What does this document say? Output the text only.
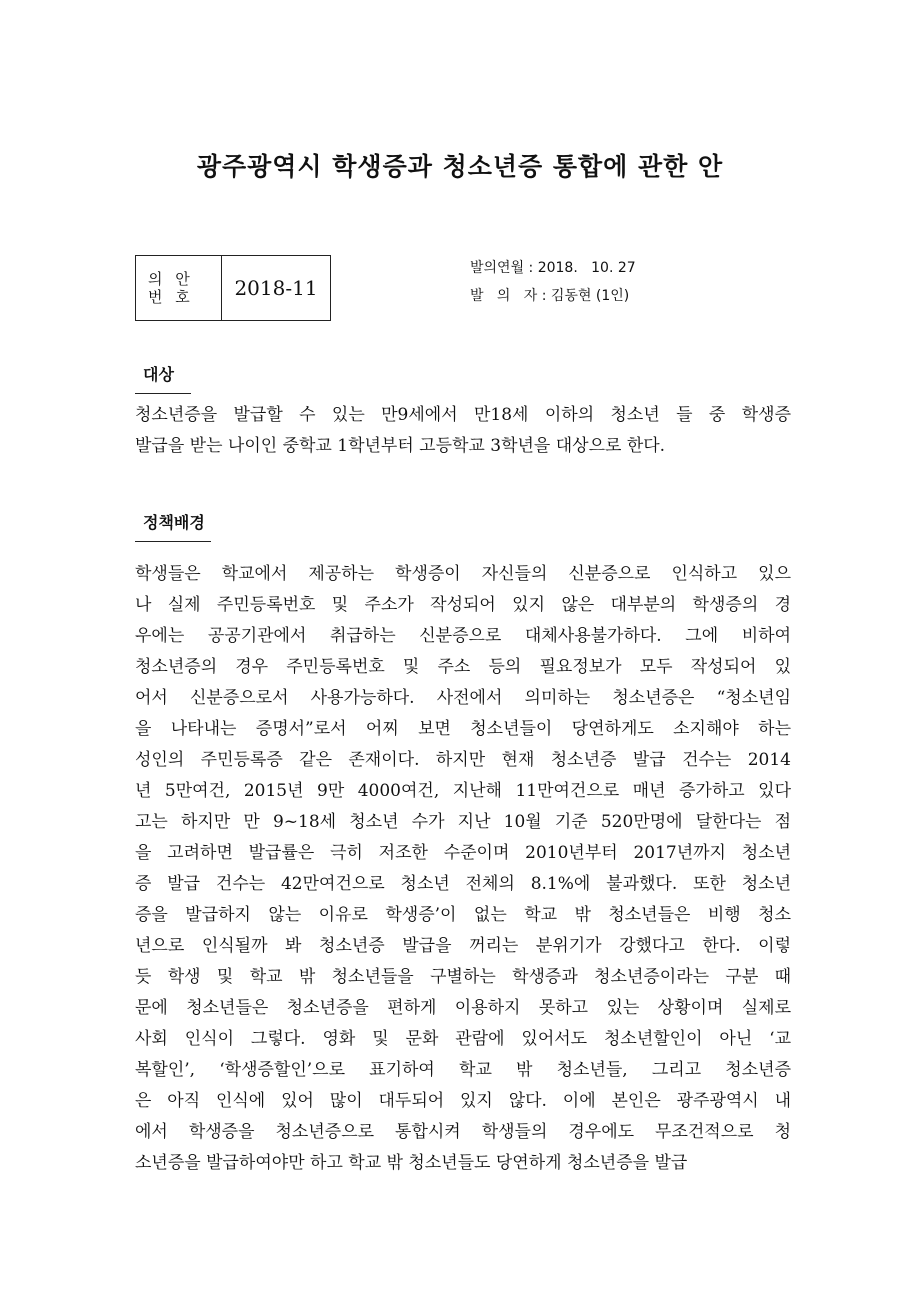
광주광역시 학생증과 청소년증 통합에 관한 안
의 안
번 호	2018-11
발의연월 : 2018.   10. 27
발   의   자 : 김동현 (1인)
대상
청소년증을 발급할 수 있는 만9세에서 만18세 이하의 청소년 들 중 학생증
발급을 받는 나이인 중학교 1학년부터 고등학교 3학년을 대상으로 한다.
정책배경
학생들은 학교에서 제공하는 학생증이 자신들의 신분증으로 인식하고 있으
나 실제 주민등록번호 및 주소가 작성되어 있지 않은 대부분의 학생증의 경
우에는 공공기관에서 취급하는 신분증으로 대체사용불가하다. 그에 비하여
청소년증의 경우 주민등록번호 및 주소 등의 필요정보가 모두 작성되어 있
어서 신분증으로서 사용가능하다. 사전에서 의미하는 청소년증은 “청소년임
을 나타내는 증명서”로서 어찌 보면 청소년들이 당연하게도 소지해야 하는
성인의 주민등록증 같은 존재이다. 하지만 현재 청소년증 발급 건수는 2014
년 5만여건, 2015년 9만 4000여건, 지난해 11만여건으로 매년 증가하고 있다
고는 하지만 만 9~18세 청소년 수가 지난 10월 기준 520만명에 달한다는 점
을 고려하면 발급률은 극히 저조한 수준이며 2010년부터 2017년까지 청소년
증 발급 건수는 42만여건으로 청소년 전체의 8.1%에 불과했다. 또한 청소년
증을 발급하지 않는 이유로 학생증’이 없는 학교 밖 청소년들은 비행 청소
년으로 인식될까 봐 청소년증 발급을 꺼리는 분위기가 강했다고 한다. 이렇
듯 학생 및 학교 밖 청소년들을 구별하는 학생증과 청소년증이라는 구분 때
문에 청소년들은 청소년증을 편하게 이용하지 못하고 있는 상황이며 실제로
사회 인식이 그렇다. 영화 및 문화 관람에 있어서도 청소년할인이 아닌 ‘교
복할인’, ‘학생증할인’으로 표기하여 학교 밖 청소년들, 그리고 청소년증
은 아직 인식에 있어 많이 대두되어 있지 않다. 이에 본인은 광주광역시 내
에서 학생증을 청소년증으로 통합시켜 학생들의 경우에도 무조건적으로 청
소년증을 발급하여야만 하고 학교 밖 청소년들도 당연하게 청소년증을 발급
